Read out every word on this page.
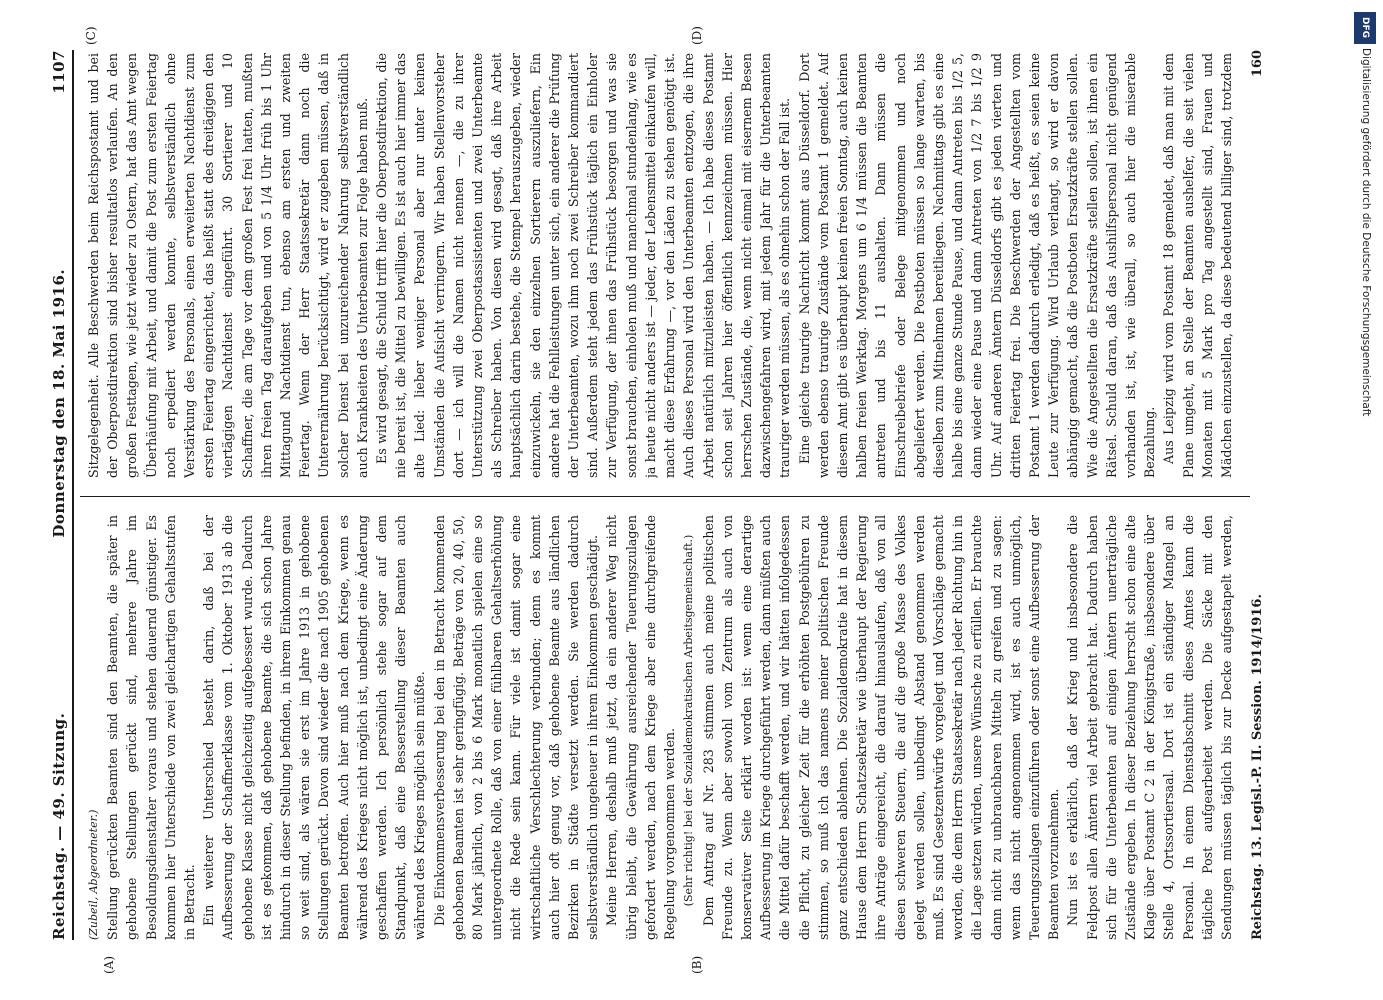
Reichstag. — 49. Sitzung.
Donnerstag den 18. Mai 1916.
1107
(A)	(B)
(C)	(D)

(Zubeil, Abgeordneter.) Stellung gerückten Beamten sind den Beamten, die später in gehobene Stellungen gerückt sind, mehrere Jahre im Besoldungsdienstalter voraus und stehen dauernd günstiger. Es kommen hier Unterschiede von zwei gleichartigen Gehaltsstufen in Betracht. Ein weiterer Unterschied besteht darin, daß bei der Aufbesserung der Schaffnerklasse vom 1. Oktober 1913 ab die gehobene Klasse nicht gleichzeitig aufgebessert wurde. Dadurch ist es gekommen, daß gehobene Beamte, die sich schon Jahre hindurch in dieser Stellung befinden, in ihrem Einkommen genau so weit sind, als wären sie erst im Jahre 1913 in gehobene Stellungen gerückt. Davon sind wieder die nach 1905 gehobenen Beamten betroffen. Auch hier muß nach dem Kriege, wenn es während des Krieges nicht möglich ist, unbedingt eine Änderung geschaffen werden. Ich persönlich stehe sogar auf dem Standpunkt, daß eine Besserstellung dieser Beamten auch während des Krieges möglich sein müßte. Die Einkommensverbesserung bei den in Betracht kommenden gehobenen Beamten ist sehr geringfügig. Beträge von 20, 40, 50, 80 Mark jährlich, von 2 bis 6 Mark monatlich spielen eine so untergeordnete Rolle, daß von einer fühlbaren Gehaltserhöhung nicht die Rede sein kann. Für viele ist damit sogar eine wirtschaftliche Verschlechterung verbunden; denn es kommt auch hier oft genug vor, daß gehobene Beamte aus ländlichen Bezirken in Städte versetzt werden. Sie werden dadurch selbstverständlich ungeheuer in ihrem Einkommen geschädigt. Meine Herren, deshalb muß jetzt, da ein anderer Weg nicht übrig bleibt, die Gewährung ausreichender Teuerungszulagen gefordert werden, nach dem Kriege aber eine durchgreifende Regelung vorgenommen werden. (Sehr richtig! bei der Sozialdemokratischen Arbeitsgemeinschaft.) Dem Antrag auf Nr. 283 stimmen auch meine politischen Freunde zu. Wenn aber sowohl vom Zentrum als auch von konservativer Seite erklärt worden ist: wenn eine derartige Aufbesserung im Kriege durchgeführt werden, dann müßten auch die Mittel dafür beschafft werden, und wir hätten infolgedessen die Pflicht, zu gleicher Zeit für die erhöhten Postgebühren zu stimmen, so muß ich das namens meiner politischen Freunde ganz entschieden ablehnen. Die Sozialdemokratie hat in diesem Hause dem Herrn Schatzsekretär wie überhaupt der Regierung ihre Anträge eingereicht, die darauf hinauslaufen, daß von all diesen schweren Steuern, die auf die große Masse des Volkes gelegt werden sollen, unbedingt Abstand genommen werden muß. Es sind Gesetzentwürfe vorgelegt und Vorschläge gemacht worden, die dem Herrn Staatssekretär nach jeder Richtung hin in die Lage setzen würden, unsere Wünsche zu erfüllen. Er brauchte dann nicht zu unbrauchbaren Mitteln zu greifen und zu sagen: wenn das nicht angenommen wird, ist es auch unmöglich, Teuerungszulagen einzuführen oder sonst eine Aufbesserung der Beamten vorzunehmen. Nun ist es erklärlich, daß der Krieg und insbesondere die Feldpost allen Ämtern viel Arbeit gebracht hat. Dadurch haben sich für die Unterbeamten auf einigen Ämtern unerträgliche Zustände ergeben. In dieser Beziehung herrscht schon eine alte Klage über Postamt C 2 in der Königstraße, insbesondere über Stelle 4, Ortssortiersaal. Dort ist ein ständiger Mangel an Personal. In einem Dienstabschnitt dieses Amtes kann die tägliche Post aufgearbeitet werden. Die Säcke mit den Sendungen müssen täglich bis zur Decke aufgestapelt werden,

Sitzgelegenheit. Alle Beschwerden beim Reichspostamt und bei der Oberpostdirektion sind bisher resultatlos verlaufen. An den großen Festtagen, wie jetzt wieder zu Ostern, hat das Amt wegen Überhäufung mit Arbeit, und damit die Post zum ersten Feiertag noch erpediert werden konnte, selbstverständlich ohne Verstärkung des Personals, einen erweiterten Nachtdienst zum ersten Feiertag eingerichtet, das heißt statt des dreitägigen den viertägigen Nachtdienst eingeführt. 30 Sortierer und 10 Schaffner, die am Tage vor dem großen Fest frei hatten, mußten ihren freien Tag daraufgeben und von 5 1/4 Uhr früh bis 1 Uhr Mittagund Nachtdienst tun, ebenso am ersten und zweiten Feiertag. Wenn der Herr Staatssekretär dann noch die Unterernährung berücksichtigt, wird er zugeben müssen, daß in solcher Dienst bei unzureichender Nahrung selbstverständlich auch Krankheiten des Unterbeamten zur Folge haben muß. Es wird gesagt, die Schuld trifft hier die Oberpostdirektion, die nie bereit ist, die Mittel zu bewilligen. Es ist auch hier immer das alte Lied: lieber weniger Personal aber nur unter keinen Umständen die Aufsicht verringern. Wir haben Stellenvorsteher dort — ich will die Namen nicht nennen —, die zu ihrer Unterstützung zwei Oberpostassistenten und zwei Unterbeamte als Schreiber haben. Von diesen wird gesagt, daß ihre Arbeit hauptsächlich darin bestehe, die Stempel herauszugeben, wieder einzuwickeln, sie den einzelnen Sortierern auszuliefern, Ein andere hat die Fehlleistungen unter sich, ein anderer die Prüfung der Unterbeamten, wozu ihm noch zwei Schreiber kommandiert sind. Außerdem steht jedem das Frühstück täglich ein Einholer zur Verfügung, der ihnen das Frühstück besorgen und was sie sonst brauchen, einholen muß und manchmal stundenlang, wie es ja heute nicht anders ist — jeder, der Lebensmittel einkaufen will, macht diese Erfahrung —, vor den Läden zu stehen genötigt ist. Auch dieses Personal wird den Unterbeamten entzogen, die ihre Arbeit natürlich mitzuleisten haben. — Ich habe dieses Postamt schon seit Jahren hier öffentlich kennzeichnen müssen. Hier herrschen Zustände, die, wenn nicht einmal mit eisernem Besen dazwischengefahren wird, mit jedem Jahr für die Unterbeamten trauriger werden müssen, als es ohnehin schon der Fall ist. Eine gleiche traurige Nachricht kommt aus Düsseldorf. Dort werden ebenso traurige Zustände vom Postamt 1 gemeldet. Auf diesem Amt gibt es überhaupt keinen freien Sonntag, auch keinen halben freien Werktag. Morgens um 6 1/4 müssen die Beamten antreten und bis 11 aushalten. Dann müssen die Einschreibebriefe oder Belege mitgenommen und noch abgeliefert werden. Die Postboten müssen so lange warten, bis dieselben zum Mitnehmen bereitliegen. Nachmittags gibt es eine halbe bis eine ganze Stunde Pause, und dann Antreten bis 1/2 5, dann wieder eine Pause und dann Antreten von 1/2 7 bis 1/2 9 Uhr. Auf anderen Ämtern Düsseldorfs gibt es jeden vierten und dritten Feiertag frei. Die Beschwerden der Angestellten vom Postamt 1 werden dadurch erledigt, daß es heißt, es seien keine Leute zur Verfügung. Wird Urlaub verlangt, so wird er davon abhängig gemacht, daß die Postboten Ersatzkräfte stellen sollen. Wie die Angestellten die Ersatzkräfte stellen sollen, ist ihnen ein Rätsel. Schuld daran, daß das Aushilfspersonal nicht genügend vorhanden ist, ist, wie überall, so auch hier die miserable Bezahlung. Aus Leipzig wird vom Postamt 18 gemeldet, daß man mit dem Plane umgeht, an Stelle der Beamten aushelfer, die seit vielen Monaten mit 5 Mark pro Tag angestellt sind, Frauen und Mädchen einzustellen, da diese bedeutend billiger sind, trotzdem

Reichstag. 13. Legisl.-P. II. Session. 1914/1916.
160
DFG
Digitalisierung gefördert durch die Deutsche Forschungsgemeinschaft
